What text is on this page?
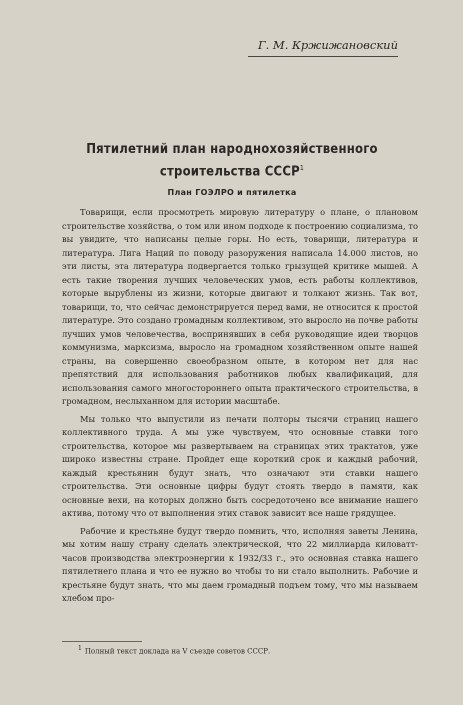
Г. М. Кржижановский
Пятилетний план народнохозяйственного
строительства СССР$^1$
План ГОЭЛРО и пятилетка

Товарищи, если просмотреть мировую литературу о плане, о плановом строительстве хозяйства, о том или ином подходе к построению социализма, то вы увидите, что написаны целые горы. Но есть, товарищи, литература и литература. Лига Наций по поводу разоружения написала 14.000 листов, но эти листы, эта литература подвергается только грызущей критике мышей. А есть такие творения лучших человеческих умов, есть работы коллективов, которые вырублены из жизни, которые двигают и толкают жизнь. Так вот, товарищи, то, что сейчас демонстрируется перед вами, не относится к простой литературе. Это создано громадным коллективом, это выросло на почве работы лучших умов человечества, воспринявших в себя руководящие идеи творцов коммунизма, марксизма, выросло на громадном хозяйственном опыте нашей страны, на совершенно своеобразном опыте, в котором нет для нас препятствий для использования работников любых квалификаций, для использования самого многостороннего опыта практического строительства, в громадном, неслыханном для истории масштабе.

Мы только что выпустили из печати полторы тысячи страниц нашего коллективного труда. А мы уже чувствуем, что основные ставки того строительства, которое мы развертываем на страницах этих трактатов, уже широко известны стране. Пройдет еще короткий срок и каждый рабочий, каждый крестьянин будут знать, что означают эти ставки нашего строительства. Эти основные цифры будут стоять твердо в памяти, как основные вехи, на которых должно быть сосредоточено все внимание нашего актива, потому что от выполнения этих ставок зависит все наше грядущее.

Рабочие и крестьяне будут твердо помнить, что, исполняя заветы Ленина, мы хотим нашу страну сделать электрической, что 22 миллиарда киловатт-часов производства электроэнергии к 1932/33 г., это основная ставка нашего пятилетнего плана и что ее нужно во чтобы то ни стало выполнить. Рабочие и крестьяне будут знать, что мы даем громадный подъем тому, что мы называем хлебом про-

1 Полный текст доклада на V съезде советов СССР.
